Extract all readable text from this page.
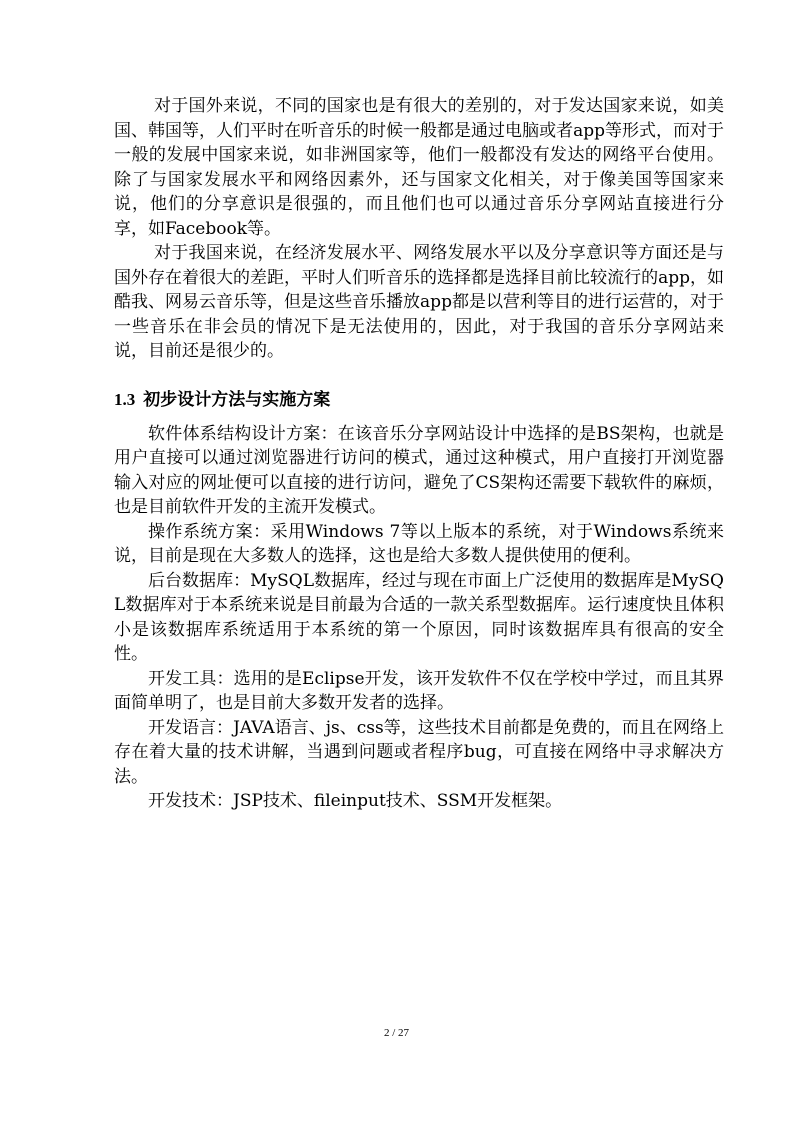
对于国外来说，不同的国家也是有很大的差别的，对于发达国家来说，如美国、韩国等，人们平时在听音乐的时候一般都是通过电脑或者app等形式，而对于一般的发展中国家来说，如非洲国家等，他们一般都没有发达的网络平台使用。除了与国家发展水平和网络因素外，还与国家文化相关，对于像美国等国家来说，他们的分享意识是很强的，而且他们也可以通过音乐分享网站直接进行分享，如Facebook等。

对于我国来说，在经济发展水平、网络发展水平以及分享意识等方面还是与国外存在着很大的差距，平时人们听音乐的选择都是选择目前比较流行的app，如酷我、网易云音乐等，但是这些音乐播放app都是以营利等目的进行运营的，对于一些音乐在非会员的情况下是无法使用的，因此，对于我国的音乐分享网站来说，目前还是很少的。

1.3 初步设计方法与实施方案

软件体系结构设计方案：在该音乐分享网站设计中选择的是BS架构，也就是用户直接可以通过浏览器进行访问的模式，通过这种模式，用户直接打开浏览器输入对应的网址便可以直接的进行访问，避免了CS架构还需要下载软件的麻烦，也是目前软件开发的主流开发模式。

操作系统方案：采用Windows 7等以上版本的系统，对于Windows系统来说，目前是现在大多数人的选择，这也是给大多数人提供使用的便利。

后台数据库：MySQL数据库，经过与现在市面上广泛使用的数据库是MySQL数据库对于本系统来说是目前最为合适的一款关系型数据库。运行速度快且体积小是该数据库系统适用于本系统的第一个原因，同时该数据库具有很高的安全性。

开发工具：选用的是Eclipse开发，该开发软件不仅在学校中学过，而且其界面简单明了，也是目前大多数开发者的选择。

开发语言：JAVA语言、js、css等，这些技术目前都是免费的，而且在网络上存在着大量的技术讲解，当遇到问题或者程序bug，可直接在网络中寻求解决方法。

开发技术：JSP技术、fileinput技术、SSM开发框架。

2 / 27
